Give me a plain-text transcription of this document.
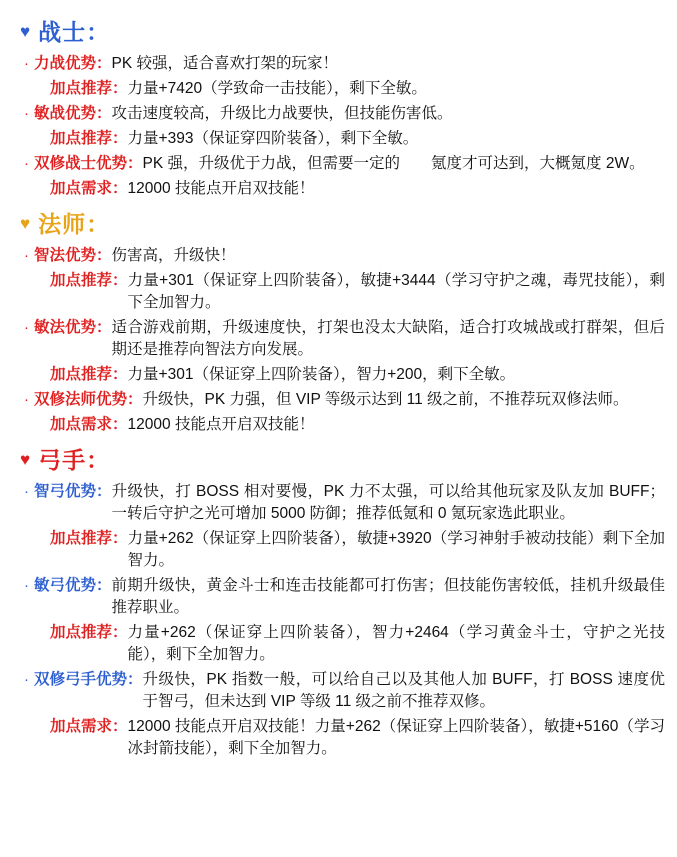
♥ 战士：
· 力战优势 ： PK 较强，适合喜欢打架的玩家！
加点推荐 ： 力量+7420（学致命一击技能），剩下全敏。
· 敏战优势 ： 攻击速度较高，升级比力战要快，但技能伤害低。
加点推荐 ： 力量+393（保证穿四阶装备），剩下全敏。
· 双修战士优势 ： PK 强，升级优于力战，但需要一定的　　氪度才可达到，大概氪度 2W。
加点需求 ： 12000 技能点开启双技能！
♥ 法师：
· 智法优势 ： 伤害高，升级快！
加点推荐 ： 力量+301（保证穿上四阶装备），敏捷+3444（学习守护之魂，毒咒技能），剩下全加智力。
· 敏法优势 ： 适合游戏前期，升级速度快，打架也没太大缺陷，适合打攻城战或打群架，但后期还是推荐向智法方向发展。
加点推荐 ： 力量+301（保证穿上四阶装备），智力+200，剩下全敏。
· 双修法师优势 ： 升级快，PK 力强，但 VIP 等级示达到 11 级之前，不推荐玩双修法师。
加点需求 ： 12000 技能点开启双技能！
♥ 弓手：
· 智弓优势 ： 升级快，打 BOSS 相对要慢，PK 力不太强，可以给其他玩家及队友加 BUFF；一转后守护之光可增加 5000 防御；推荐低氪和 0 氪玩家选此职业。
加点推荐 ： 力量+262（保证穿上四阶装备），敏捷+3920（学习神射手被动技能）剩下全加智力。
· 敏弓优势 ： 前期升级快，黄金斗士和连击技能都可打伤害；但技能伤害较低，挂机升级最佳推荐职业。
加点推荐 ： 力量+262（保证穿上四阶装备），智力+2464（学习黄金斗士，守护之光技能），剩下全加智力。
· 双修弓手优势 ： 升级快，PK 指数一般，可以给自己以及其他人加 BUFF，打 BOSS 速度优于智弓，但未达到 VIP 等级 11 级之前不推荐双修。
加点需求 ： 12000 技能点开启双技能！力量+262（保证穿上四阶装备），敏捷+5160（学习冰封箭技能），剩下全加智力。
